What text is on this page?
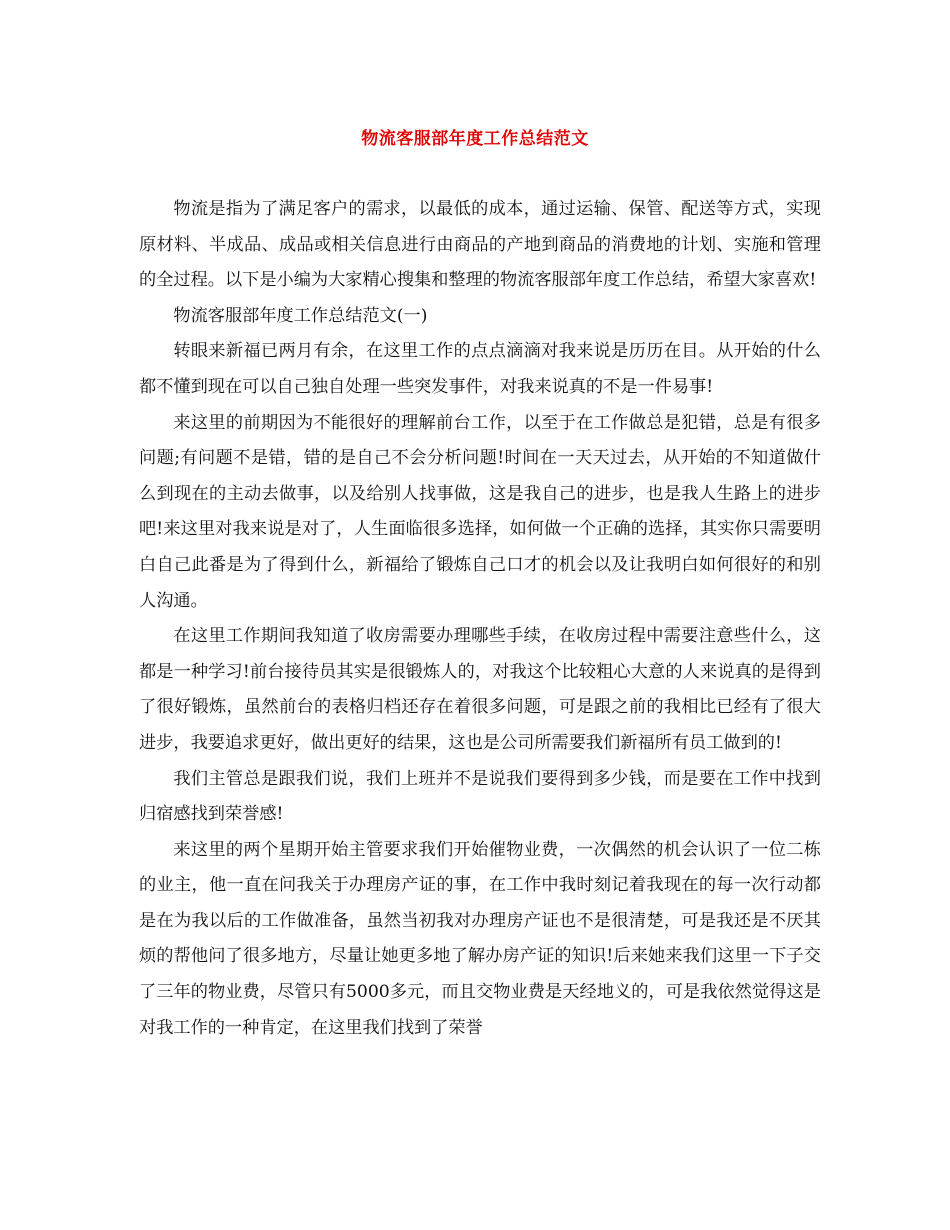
物流客服部年度工作总结范文

物流是指为了满足客户的需求，以最低的成本，通过运输、保管、配送等方式，实现原材料、半成品、成品或相关信息进行由商品的产地到商品的消费地的计划、实施和管理的全过程。以下是小编为大家精心搜集和整理的物流客服部年度工作总结，希望大家喜欢!

物流客服部年度工作总结范文(一)

转眼来新福已两月有余，在这里工作的点点滴滴对我来说是历历在目。从开始的什么都不懂到现在可以自己独自处理一些突发事件，对我来说真的不是一件易事!

来这里的前期因为不能很好的理解前台工作，以至于在工作做总是犯错，总是有很多问题;有问题不是错，错的是自己不会分析问题!时间在一天天过去，从开始的不知道做什么到现在的主动去做事，以及给别人找事做，这是我自己的进步，也是我人生路上的进步吧!来这里对我来说是对了，人生面临很多选择，如何做一个正确的选择，其实你只需要明白自己此番是为了得到什么，新福给了锻炼自己口才的机会以及让我明白如何很好的和别人沟通。

在这里工作期间我知道了收房需要办理哪些手续，在收房过程中需要注意些什么，这都是一种学习!前台接待员其实是很锻炼人的，对我这个比较粗心大意的人来说真的是得到了很好锻炼，虽然前台的表格归档还存在着很多问题，可是跟之前的我相比已经有了很大进步，我要追求更好，做出更好的结果，这也是公司所需要我们新福所有员工做到的!

我们主管总是跟我们说，我们上班并不是说我们要得到多少钱，而是要在工作中找到归宿感找到荣誉感!

来这里的两个星期开始主管要求我们开始催物业费，一次偶然的机会认识了一位二栋的业主，他一直在问我关于办理房产证的事，在工作中我时刻记着我现在的每一次行动都是在为我以后的工作做准备，虽然当初我对办理房产证也不是很清楚，可是我还是不厌其烦的帮他问了很多地方，尽量让她更多地了解办房产证的知识!后来她来我们这里一下子交了三年的物业费，尽管只有5000多元，而且交物业费是天经地义的，可是我依然觉得这是对我工作的一种肯定，在这里我们找到了荣誉
